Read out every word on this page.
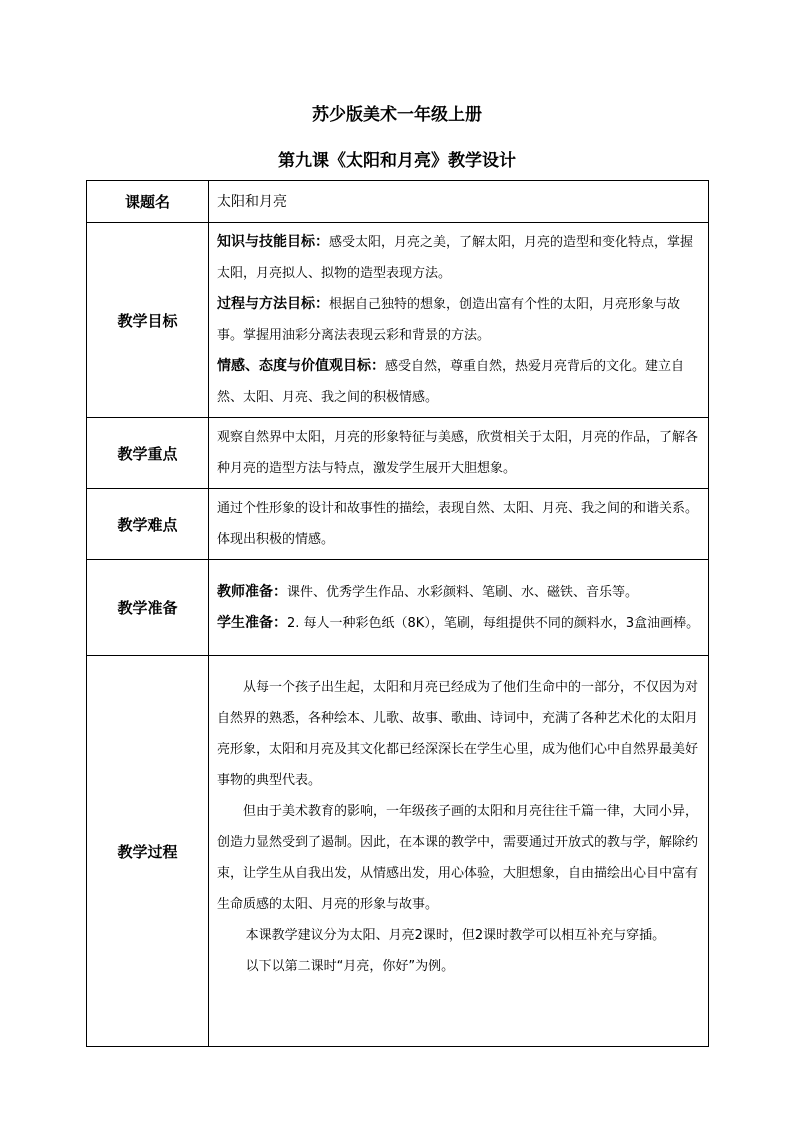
苏少版美术一年级上册
第九课《太阳和月亮》教学设计
课题名	太阳和月亮
教学目标	知识与技能目标：感受太阳，月亮之美，了解太阳，月亮的造型和变化特点，掌握太阳，月亮拟人、拟物的造型表现方法。

过程与方法目标：根据自己独特的想象，创造出富有个性的太阳，月亮形象与故事。掌握用油彩分离法表现云彩和背景的方法。

情感、态度与价值观目标：感受自然，尊重自然，热爱月亮背后的文化。建立自然、太阳、月亮、我之间的积极情感。

教学重点	观察自然界中太阳，月亮的形象特征与美感，欣赏相关于太阳，月亮的作品，了解各种月亮的造型方法与特点，激发学生展开大胆想象。
教学难点	通过个性形象的设计和故事性的描绘，表现自然、太阳、月亮、我之间的和谐关系。体现出积极的情感。
教学准备	教师准备：课件、优秀学生作品、水彩颜料、笔刷、水、磁铁、音乐等。

学生准备：2. 每人一种彩色纸（8K），笔刷，每组提供不同的颜料水，3盒油画棒。

教学过程	从每一个孩子出生起，太阳和月亮已经成为了他们生命中的一部分，不仅因为对自然界的熟悉，各种绘本、儿歌、故事、歌曲、诗词中，充满了各种艺术化的太阳月亮形象，太阳和月亮及其文化都已经深深长在学生心里，成为他们心中自然界最美好事物的典型代表。

但由于美术教育的影响，一年级孩子画的太阳和月亮往往千篇一律，大同小异，创造力显然受到了遏制。因此，在本课的教学中，需要通过开放式的教与学，解除约束，让学生从自我出发，从情感出发，用心体验，大胆想象，自由描绘出心目中富有生命质感的太阳、月亮的形象与故事。

本课教学建议分为太阳、月亮2课时，但2课时教学可以相互补充与穿插。

以下以第二课时“月亮，你好”为例。
